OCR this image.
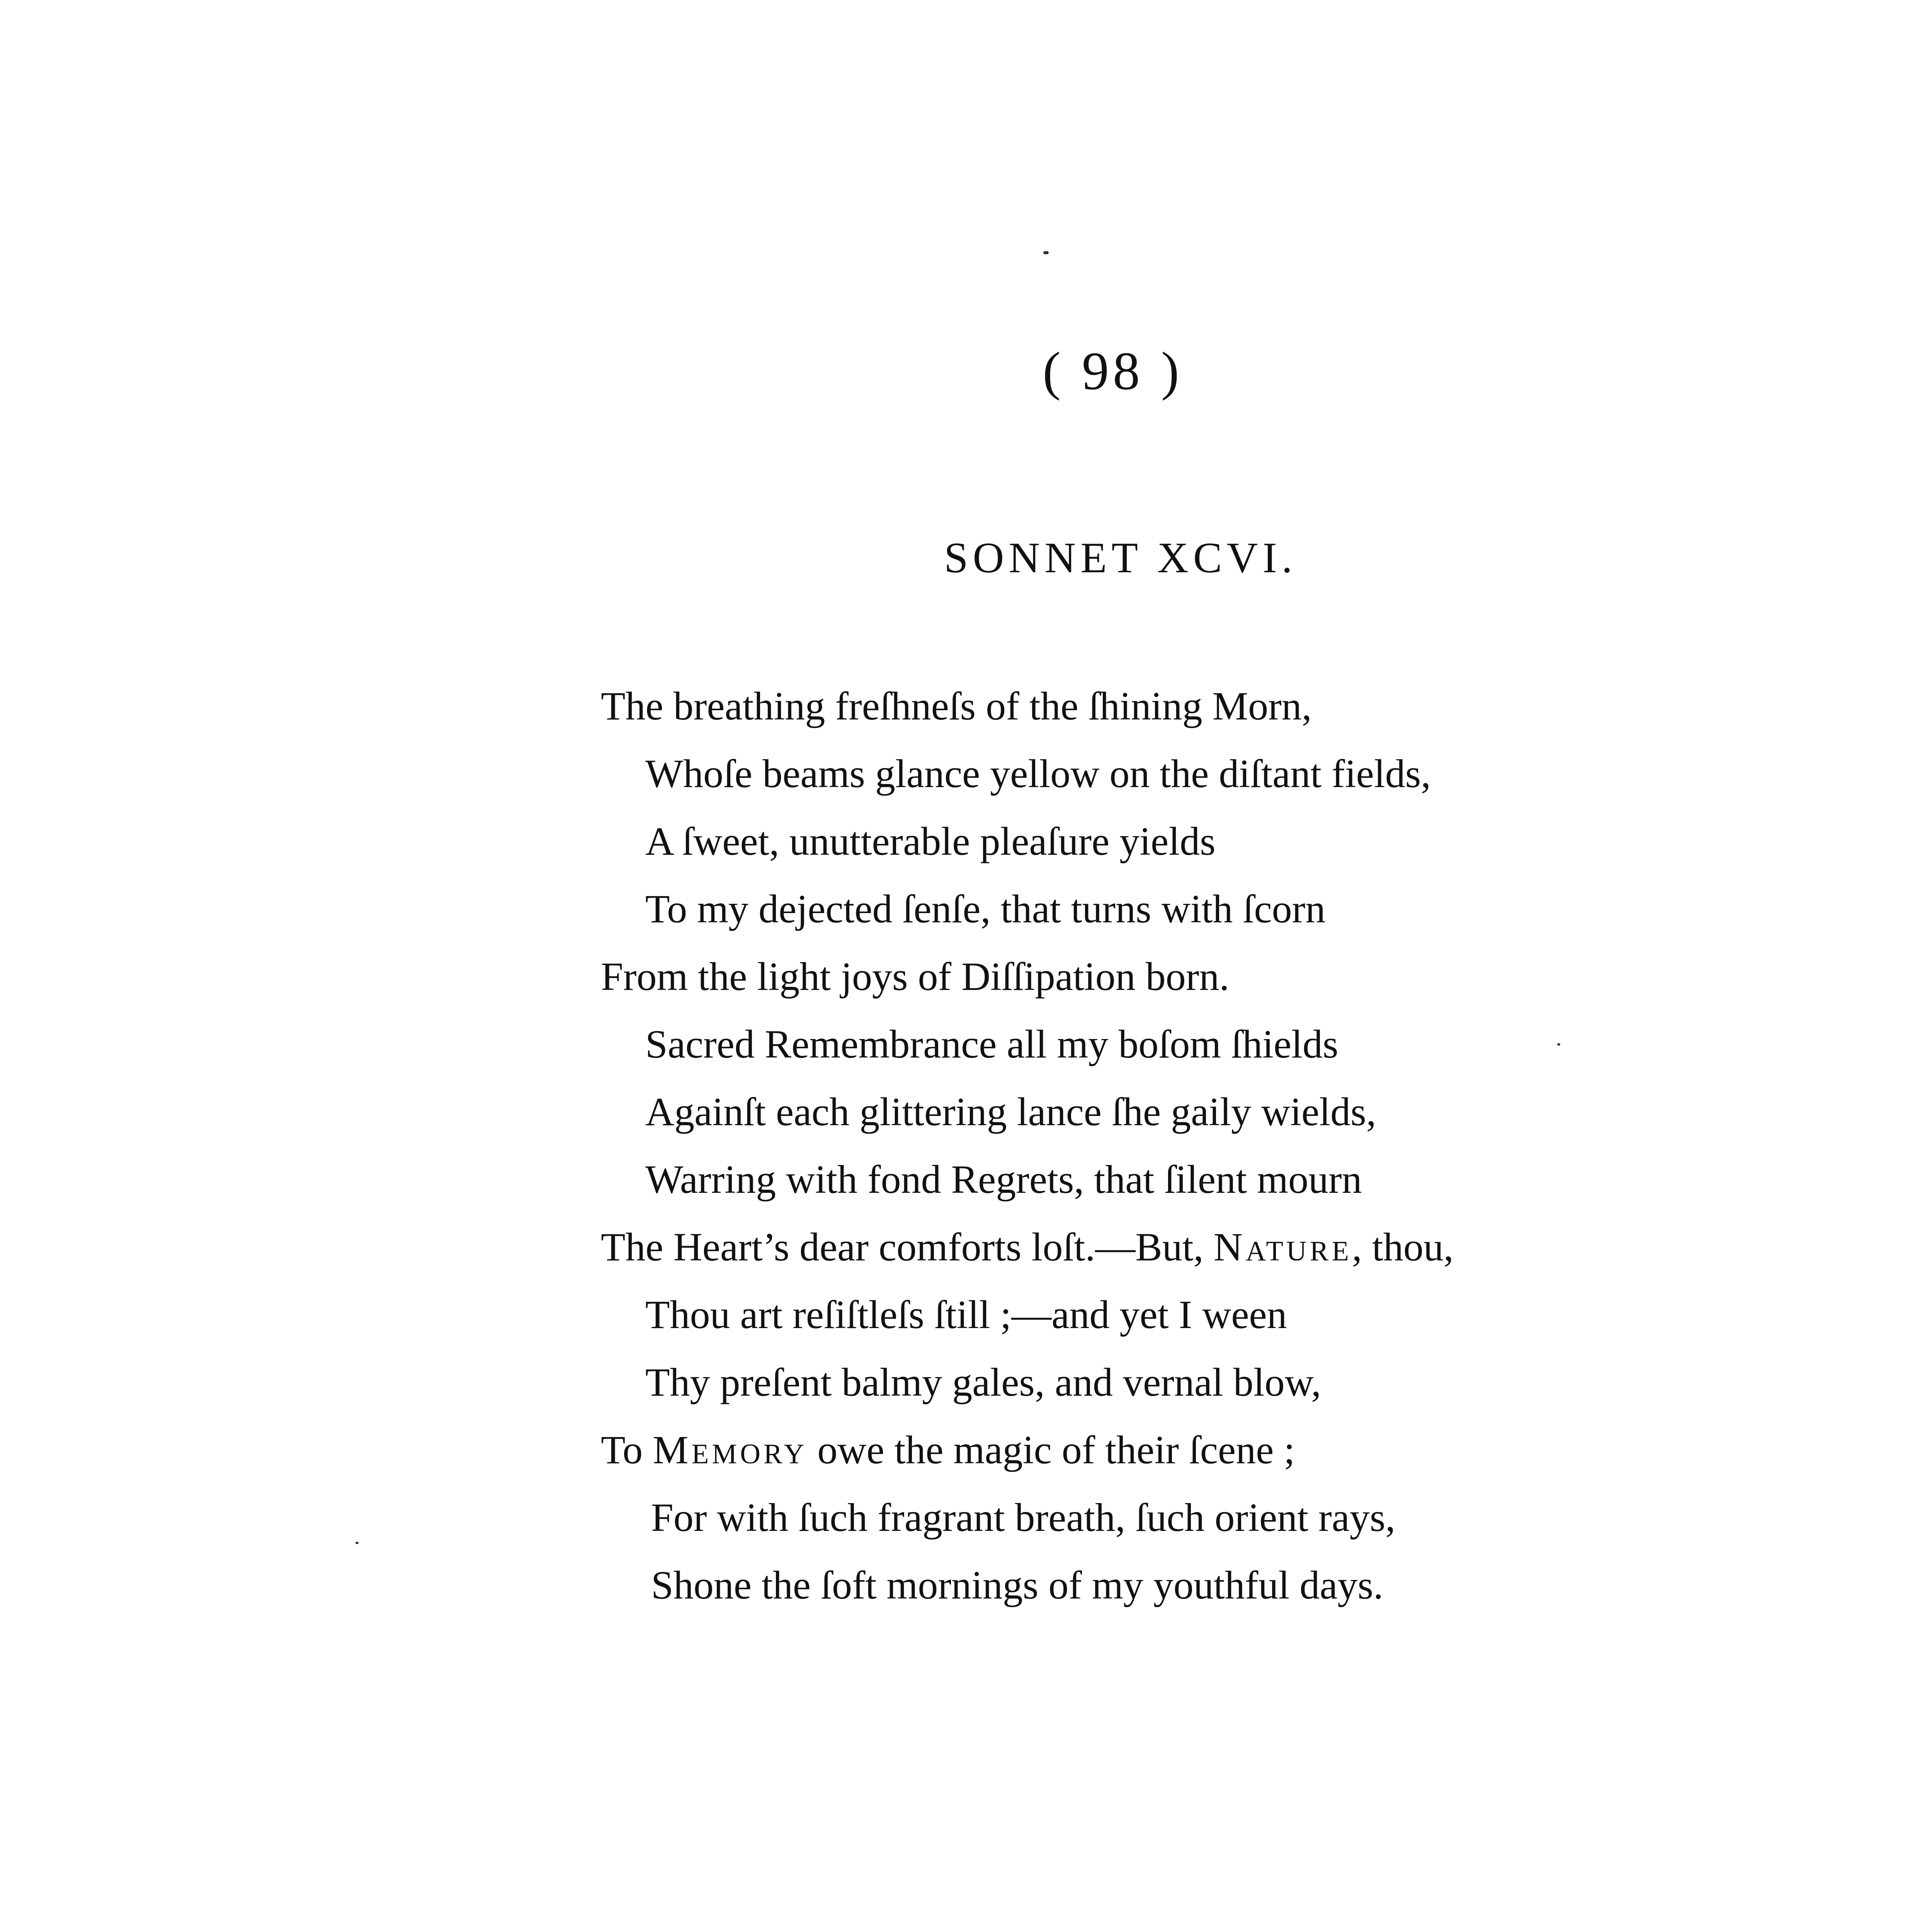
( 98 )
SONNET XCVI.
The breathing freſhneſs of the ſhining Morn,
Whoſe beams glance yellow on the diſtant fields,
A ſweet, unutterable pleaſure yields
To my dejected ſenſe, that turns with ſcorn
From the light joys of Diſſipation born.
Sacred Remembrance all my boſom ſhields
Againſt each glittering lance ſhe gaily wields,
Warring with fond Regrets, that ſilent mourn
The Heart’s dear comforts loſt.—But, Nature, thou,
Thou art reſiſtleſs ſtill ;—and yet I ween
Thy preſent balmy gales, and vernal blow,
To Memory owe the magic of their ſcene ;
For with ſuch fragrant breath, ſuch orient rays,
Shone the ſoft mornings of my youthful days.
